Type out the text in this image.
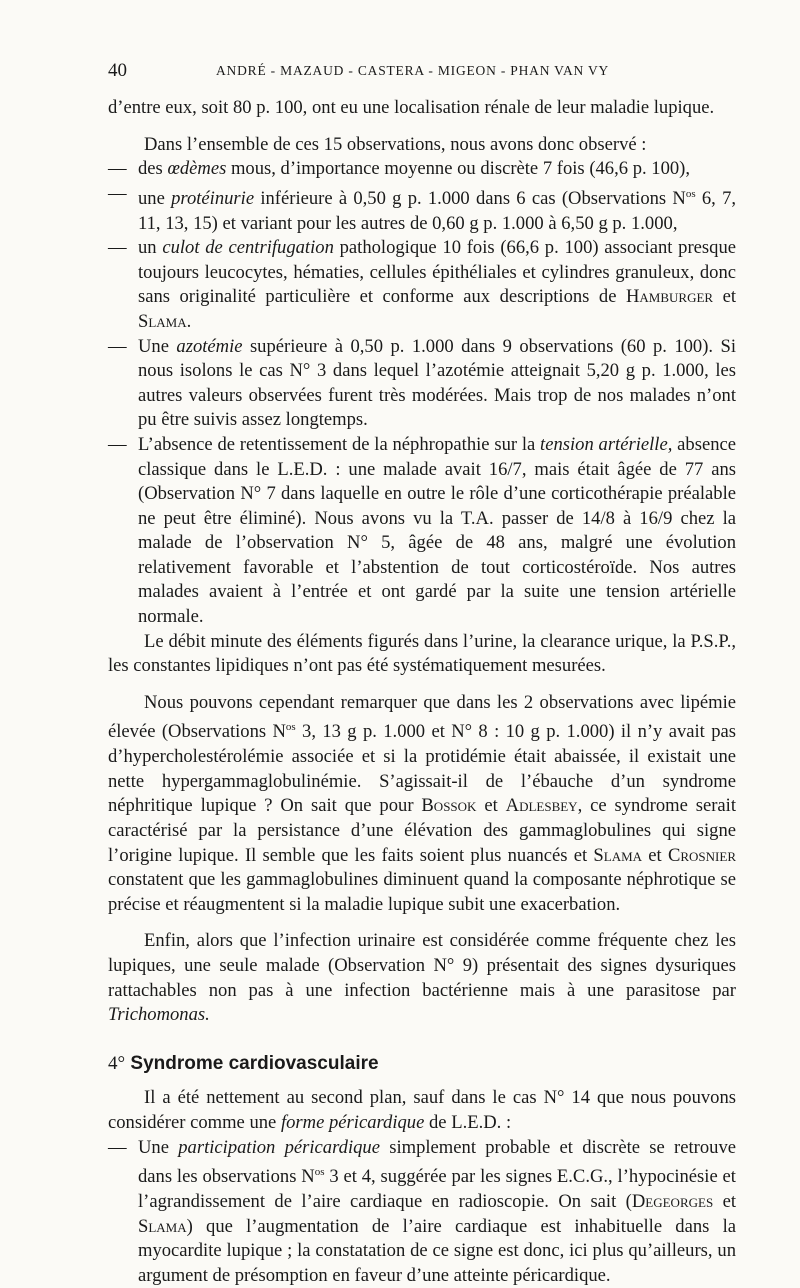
40	ANDRÉ - MAZAUD - CASTERA - MIGEON - PHAN VAN VY

d’entre eux, soit 80 p. 100, ont eu une localisation rénale de leur maladie lupique.

Dans l’ensemble de ces 15 observations, nous avons donc observé :

— des œdèmes mous, d’importance moyenne ou discrète 7 fois (46,6 p. 100),
— une protéinurie inférieure à 0,50 g p. 1.000 dans 6 cas (Observations $N^{os}$ 6, 7, 11, 13, 15) et variant pour les autres de 0,60 g p. 1.000 à 6,50 g p. 1.000,
— un culot de centrifugation pathologique 10 fois (66,6 p. 100) associant presque toujours leucocytes, hématies, cellules épithéliales et cylindres granuleux, donc sans originalité particulière et conforme aux descriptions de Hamburger et Slama.
— Une azotémie supérieure à 0,50 p. 1.000 dans 9 observations (60 p. 100). Si nous isolons le cas N° 3 dans lequel l’azotémie atteignait 5,20 g p. 1.000, les autres valeurs observées furent très modérées. Mais trop de nos malades n’ont pu être suivis assez longtemps.
— L’absence de retentissement de la néphropathie sur la tension artérielle, absence classique dans le L.E.D. : une malade avait 16/7, mais était âgée de 77 ans (Observation N° 7 dans laquelle en outre le rôle d’une corticothérapie préalable ne peut être éliminé). Nous avons vu la T.A. passer de 14/8 à 16/9 chez la malade de l’observation N° 5, âgée de 48 ans, malgré une évolution relativement favorable et l’abstention de tout corticostéroïde. Nos autres malades avaient à l’entrée et ont gardé par la suite une tension artérielle normale.

Le débit minute des éléments figurés dans l’urine, la clearance urique, la P.S.P., les constantes lipidiques n’ont pas été systématiquement mesurées.

Nous pouvons cependant remarquer que dans les 2 observations avec lipémie élevée (Observations $N^{os}$ 3, 13 g p. 1.000 et N° 8 : 10 g p. 1.000) il n’y avait pas d’hypercholestérolémie associée et si la protidémie était abaissée, il existait une nette hypergammaglobulinémie. S’agissait-il de l’ébauche d’un syndrome néphritique lupique ? On sait que pour Bossok et Adlesbey, ce syndrome serait caractérisé par la persistance d’une élévation des gammaglobulines qui signe l’origine lupique. Il semble que les faits soient plus nuancés et Slama et Crosnier constatent que les gammaglobulines diminuent quand la composante néphrotique se précise et réaugmentent si la maladie lupique subit une exacerbation.

Enfin, alors que l’infection urinaire est considérée comme fréquente chez les lupiques, une seule malade (Observation N° 9) présentait des signes dysuriques rattachables non pas à une infection bactérienne mais à une parasitose par Trichomonas.

4° Syndrome cardiovasculaire

Il a été nettement au second plan, sauf dans le cas N° 14 que nous pouvons considérer comme une forme péricardique de L.E.D. :

— Une participation péricardique simplement probable et discrète se retrouve dans les observations $N^{os}$ 3 et 4, suggérée par les signes E.C.G., l’hypocinésie et l’agrandissement de l’aire cardiaque en radioscopie. On sait (Degeorges et Slama) que l’augmentation de l’aire cardiaque est inhabituelle dans la myocardite lupique ; la constatation de ce signe est donc, ici plus qu’ailleurs, un argument de présomption en faveur d’une atteinte péricardique.
